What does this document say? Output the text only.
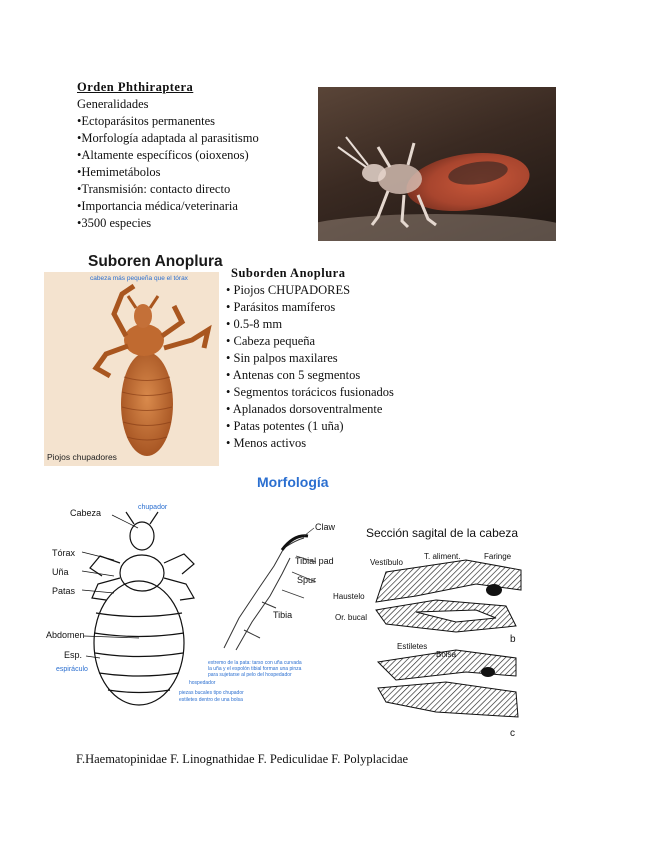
Orden Phthiraptera
Generalidades
•Ectoparásitos permanentes
•Morfología adaptada al parasitismo
•Altamente específicos (oioxenos)
•Hemimetábolos
•Transmisión: contacto directo
•Importancia médica/veterinaria
•3500 especies
Suboren Anoplura
cabeza más pequeña que el tórax
Piojos chupadores
Suborden Anoplura
• Piojos CHUPADORES
• Parásitos mamíferos
• 0.5-8 mm
• Cabeza pequeña
• Sin palpos maxilares
• Antenas con 5 segmentos
• Segmentos torácicos fusionados
• Aplanados dorsoventralmente
• Patas potentes (1 uña)
• Menos activos
Morfología
Cabeza
Tórax
Uña
Patas
Abdomen
Esp.
chupador
espiráculo
Claw
Tibial pad
Spur
Tibia
extremo de la pata: tarso con uña curvada
la uña y el espolón tibial forman una pinza
para sujetarse al pelo del hospedador
hospedador
piezas bucales tipo chupador
estiletes dentro de una bolsa
Sección sagital de la cabeza
Vestíbulo
T. aliment.	Faringe
Haustelo
Or. bucal
Estiletes
Bolsa
b
c
F.Haematopinidae F. Linognathidae F. Pediculidae F. Polyplacidae
